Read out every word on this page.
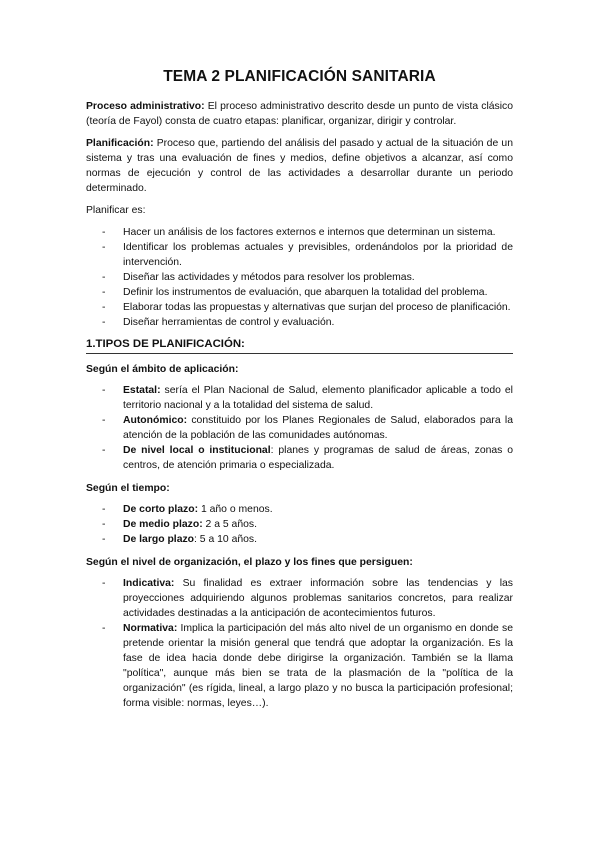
TEMA 2 PLANIFICACIÓN SANITARIA

Proceso administrativo: El proceso administrativo descrito desde un punto de vista clásico (teoría de Fayol) consta de cuatro etapas: planificar, organizar, dirigir y controlar.

Planificación: Proceso que, partiendo del análisis del pasado y actual de la situación de un sistema y tras una evaluación de fines y medios, define objetivos a alcanzar, así como normas de ejecución y control de las actividades a desarrollar durante un periodo determinado.

Planificar es:

- Hacer un análisis de los factores externos e internos que determinan un sistema.
- Identificar los problemas actuales y previsibles, ordenándolos por la prioridad de intervención.
- Diseñar las actividades y métodos para resolver los problemas.
- Definir los instrumentos de evaluación, que abarquen la totalidad del problema.
- Elaborar todas las propuestas y alternativas que surjan del proceso de planificación.
- Diseñar herramientas de control y evaluación.
1.TIPOS DE PLANIFICACIÓN:
Según el ámbito de aplicación:
- Estatal: sería el Plan Nacional de Salud, elemento planificador aplicable a todo el territorio nacional y a la totalidad del sistema de salud.
- Autonómico: constituido por los Planes Regionales de Salud, elaborados para la atención de la población de las comunidades autónomas.
- De nivel local o institucional: planes y programas de salud de áreas, zonas o centros, de atención primaria o especializada.
Según el tiempo:
- De corto plazo: 1 año o menos.
- De medio plazo: 2 a 5 años.
- De largo plazo: 5 a 10 años.
Según el nivel de organización, el plazo y los fines que persiguen:
- Indicativa: Su finalidad es extraer información sobre las tendencias y las proyecciones adquiriendo algunos problemas sanitarios concretos, para realizar actividades destinadas a la anticipación de acontecimientos futuros.
- Normativa: Implica la participación del más alto nivel de un organismo en donde se pretende orientar la misión general que tendrá que adoptar la organización. Es la fase de idea hacia donde debe dirigirse la organización. También se la llama "política", aunque más bien se trata de la plasmación de la "política de la organización" (es rígida, lineal, a largo plazo y no busca la participación profesional; forma visible: normas, leyes…).
